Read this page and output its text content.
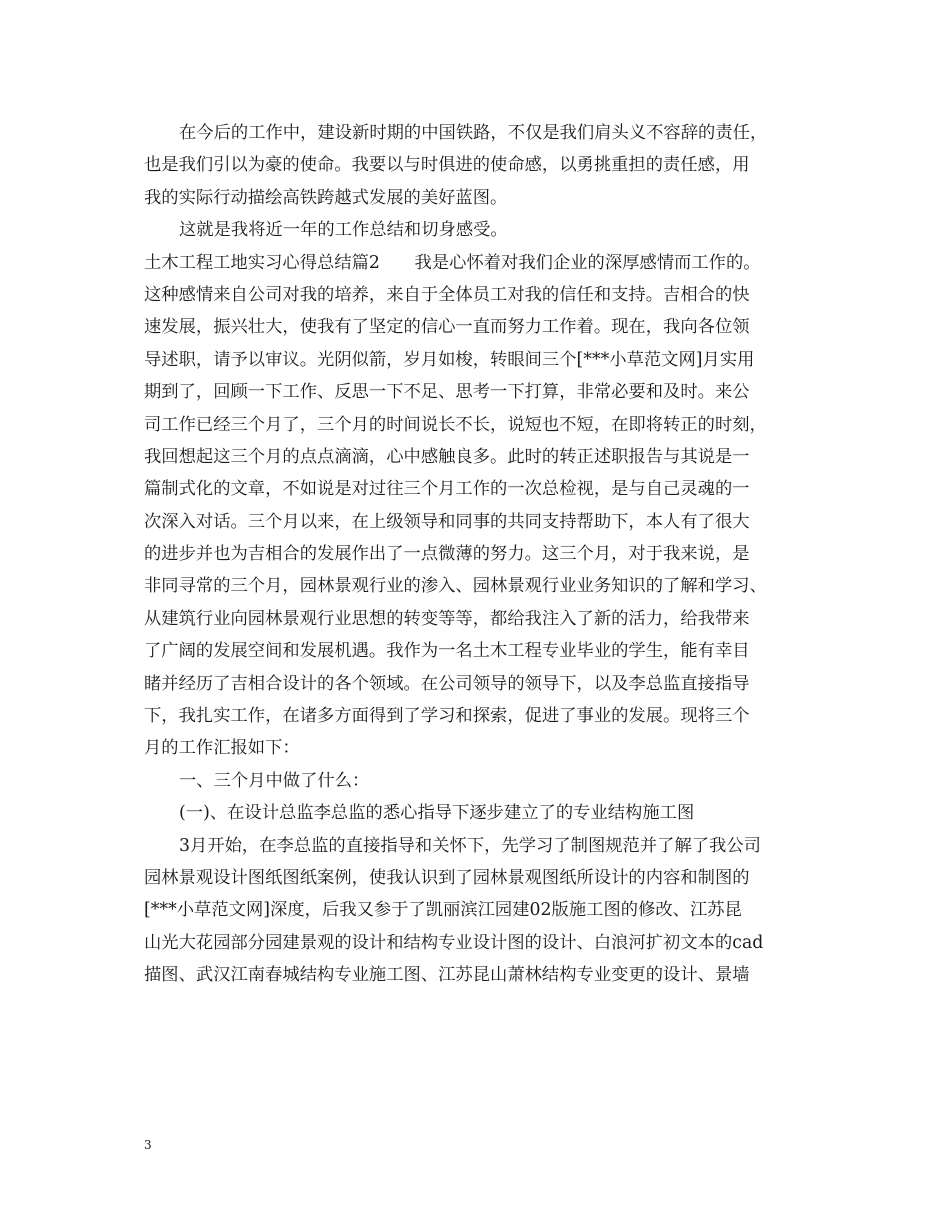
在今后的工作中，建设新时期的中国铁路，不仅是我们肩头义不容辞的责任，
也是我们引以为豪的使命。我要以与时俱进的使命感，以勇挑重担的责任感，用
我的实际行动描绘高铁跨越式发展的美好蓝图。
这就是我将近一年的工作总结和切身感受。
土木工程工地实习心得总结篇2　　我是心怀着对我们企业的深厚感情而工作的。
这种感情来自公司对我的培养，来自于全体员工对我的信任和支持。吉相合的快
速发展，振兴壮大，使我有了坚定的信心一直而努力工作着。现在，我向各位领
导述职，请予以审议。光阴似箭，岁月如梭，转眼间三个[***小草范文网]月实用
期到了，回顾一下工作、反思一下不足、思考一下打算，非常必要和及时。来公
司工作已经三个月了，三个月的时间说长不长，说短也不短，在即将转正的时刻，
我回想起这三个月的点点滴滴，心中感触良多。此时的转正述职报告与其说是一
篇制式化的文章，不如说是对过往三个月工作的一次总检视，是与自己灵魂的一
次深入对话。三个月以来，在上级领导和同事的共同支持帮助下，本人有了很大
的进步并也为吉相合的发展作出了一点微薄的努力。这三个月，对于我来说，是
非同寻常的三个月，园林景观行业的渗入、园林景观行业业务知识的了解和学习、
从建筑行业向园林景观行业思想的转变等等，都给我注入了新的活力，给我带来
了广阔的发展空间和发展机遇。我作为一名土木工程专业毕业的学生，能有幸目
睹并经历了吉相合设计的各个领域。在公司领导的领导下，以及李总监直接指导
下，我扎实工作，在诸多方面得到了学习和探索，促进了事业的发展。现将三个
月的工作汇报如下：
一、三个月中做了什么：
(一)、在设计总监李总监的悉心指导下逐步建立了的专业结构施工图
3月开始，在李总监的直接指导和关怀下，先学习了制图规范并了解了我公司
园林景观设计图纸图纸案例，使我认识到了园林景观图纸所设计的内容和制图的
[***小草范文网]深度，后我又参于了凯丽滨江园建02版施工图的修改、江苏昆
山光大花园部分园建景观的设计和结构专业设计图的设计、白浪河扩初文本的cad
描图、武汉江南春城结构专业施工图、江苏昆山萧林结构专业变更的设计、景墙
3
